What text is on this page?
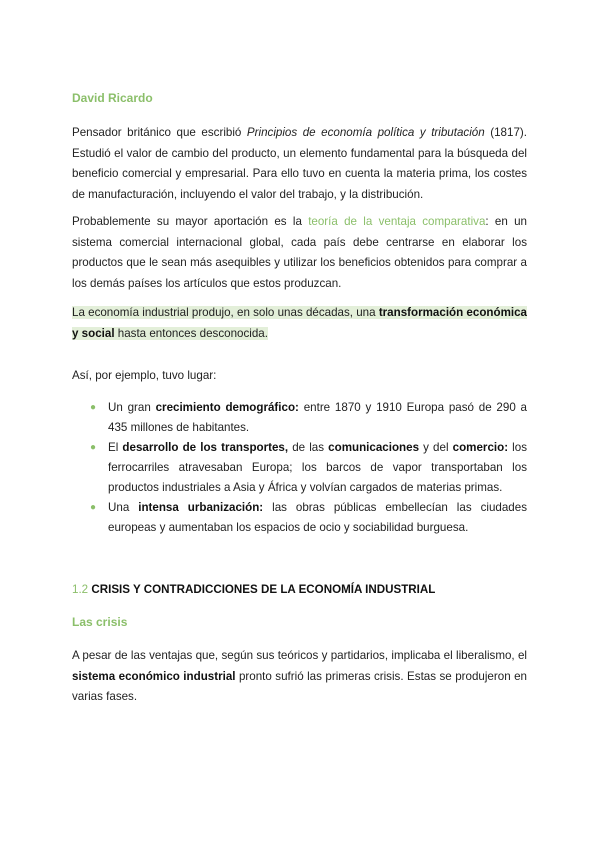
David Ricardo

Pensador británico que escribió Principios de economía política y tributación (1817). Estudió el valor de cambio del producto, un elemento fundamental para la búsqueda del beneficio comercial y empresarial. Para ello tuvo en cuenta la materia prima, los costes de manufacturación, incluyendo el valor del trabajo, y la distribución.

Probablemente su mayor aportación es la teoría de la ventaja comparativa: en un sistema comercial internacional global, cada país debe centrarse en elaborar los productos que le sean más asequibles y utilizar los beneficios obtenidos para comprar a los demás países los artículos que estos produzcan.

La economía industrial produjo, en solo unas décadas, una transformación económica y social hasta entonces desconocida.

Así, por ejemplo, tuvo lugar:

● Un gran crecimiento demográfico: entre 1870 y 1910 Europa pasó de 290 a 435 millones de habitantes.
● El desarrollo de los transportes, de las comunicaciones y del comercio: los ferrocarriles atravesaban Europa; los barcos de vapor transportaban los productos industriales a Asia y África y volvían cargados de materias primas.
● Una intensa urbanización: las obras públicas embellecían las ciudades europeas y aumentaban los espacios de ocio y sociabilidad burguesa.
1.2 CRISIS Y CONTRADICCIONES DE LA ECONOMÍA INDUSTRIAL
Las crisis

A pesar de las ventajas que, según sus teóricos y partidarios, implicaba el liberalismo, el sistema económico industrial pronto sufrió las primeras crisis. Estas se produjeron en varias fases.
